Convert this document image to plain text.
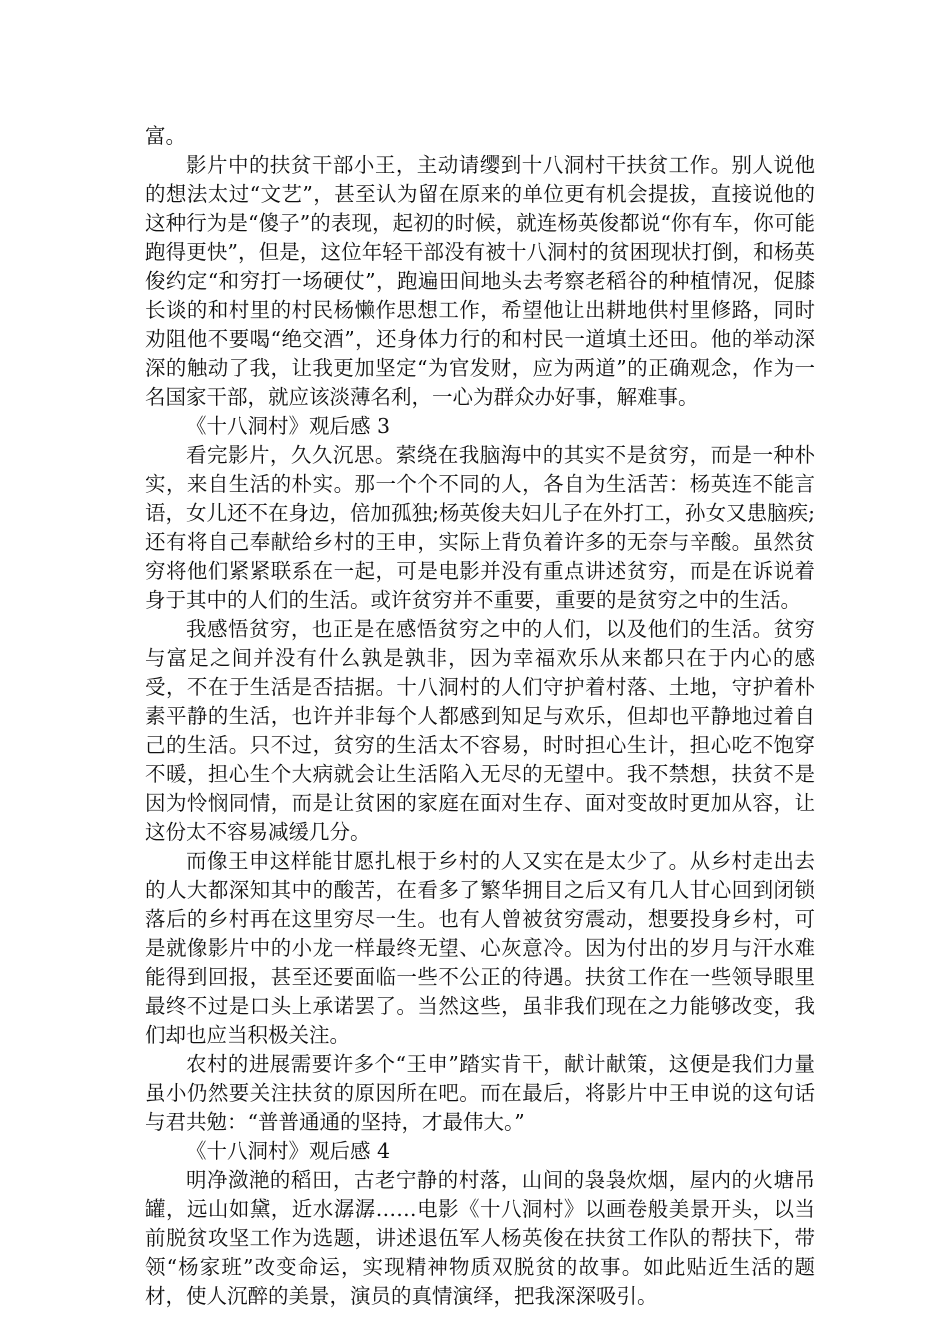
富。

影片中的扶贫干部小王，主动请缨到十八洞村干扶贫工作。别人说他的想法太过“文艺”，甚至认为留在原来的单位更有机会提拔，直接说他的这种行为是“傻子”的表现，起初的时候，就连杨英俊都说“你有车，你可能跑得更快”，但是，这位年轻干部没有被十八洞村的贫困现状打倒，和杨英俊约定“和穷打一场硬仗”，跑遍田间地头去考察老稻谷的种植情况，促膝长谈的和村里的村民杨懒作思想工作，希望他让出耕地供村里修路，同时劝阻他不要喝“绝交酒”，还身体力行的和村民一道填土还田。他的举动深深的触动了我，让我更加坚定“为官发财，应为两道”的正确观念，作为一名国家干部，就应该淡薄名利，一心为群众办好事，解难事。

《十八洞村》观后感 3

看完影片，久久沉思。萦绕在我脑海中的其实不是贫穷，而是一种朴实，来自生活的朴实。那一个个不同的人，各自为生活苦：杨英连不能言语，女儿还不在身边，倍加孤独;杨英俊夫妇儿子在外打工，孙女又患脑疾;还有将自己奉献给乡村的王申，实际上背负着许多的无奈与辛酸。虽然贫穷将他们紧紧联系在一起，可是电影并没有重点讲述贫穷，而是在诉说着身于其中的人们的生活。或许贫穷并不重要，重要的是贫穷之中的生活。

我感悟贫穷，也正是在感悟贫穷之中的人们，以及他们的生活。贫穷与富足之间并没有什么孰是孰非，因为幸福欢乐从来都只在于内心的感受，不在于生活是否拮据。十八洞村的人们守护着村落、土地，守护着朴素平静的生活，也许并非每个人都感到知足与欢乐，但却也平静地过着自己的生活。只不过，贫穷的生活太不容易，时时担心生计，担心吃不饱穿不暖，担心生个大病就会让生活陷入无尽的无望中。我不禁想，扶贫不是因为怜悯同情，而是让贫困的家庭在面对生存、面对变故时更加从容，让这份太不容易减缓几分。

而像王申这样能甘愿扎根于乡村的人又实在是太少了。从乡村走出去的人大都深知其中的酸苦，在看多了繁华拥目之后又有几人甘心回到闭锁落后的乡村再在这里穷尽一生。也有人曾被贫穷震动，想要投身乡村，可是就像影片中的小龙一样最终无望、心灰意冷。因为付出的岁月与汗水难能得到回报，甚至还要面临一些不公正的待遇。扶贫工作在一些领导眼里最终不过是口头上承诺罢了。当然这些，虽非我们现在之力能够改变，我们却也应当积极关注。

农村的进展需要许多个“王申”踏实肯干，献计献策，这便是我们力量虽小仍然要关注扶贫的原因所在吧。而在最后，将影片中王申说的这句话与君共勉：“普普通通的坚持，才最伟大。”

《十八洞村》观后感 4

明净潋滟的稻田，古老宁静的村落，山间的袅袅炊烟，屋内的火塘吊罐，远山如黛，近水潺潺……电影《十八洞村》以画卷般美景开头，以当前脱贫攻坚工作为选题，讲述退伍军人杨英俊在扶贫工作队的帮扶下，带领“杨家班”改变命运，实现精神物质双脱贫的故事。如此贴近生活的题材，使人沉醉的美景，演员的真情演绎，把我深深吸引。
